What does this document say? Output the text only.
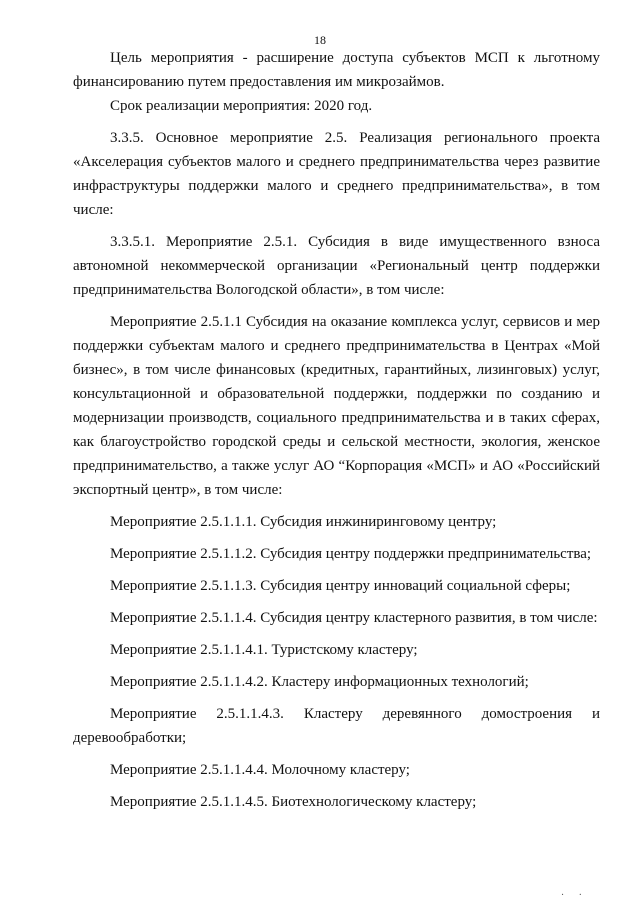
18

Цель мероприятия - расширение доступа субъектов МСП к льготному финансированию путем предоставления им микрозаймов.

Срок реализации мероприятия: 2020 год.

3.3.5. Основное мероприятие 2.5. Реализация регионального проекта «Акселерация субъектов малого и среднего предпринимательства через развитие инфраструктуры поддержки малого и среднего предпринимательства», в том числе:

3.3.5.1. Мероприятие 2.5.1. Субсидия в виде имущественного взноса автономной некоммерческой организации «Региональный центр поддержки предпринимательства Вологодской области», в том числе:

Мероприятие 2.5.1.1 Субсидия на оказание комплекса услуг, сервисов и мер поддержки субъектам малого и среднего предпринимательства в Центрах «Мой бизнес», в том числе финансовых (кредитных, гарантийных, лизинговых) услуг, консультационной и образовательной поддержки, поддержки по созданию и модернизации производств, социального предпринимательства и в таких сферах, как благоустройство городской среды и сельской местности, экология, женское предпринимательство, а также услуг АО “Корпорация «МСП» и АО «Российский экспортный центр», в том числе:

Мероприятие 2.5.1.1.1. Субсидия инжиниринговому центру;

Мероприятие 2.5.1.1.2. Субсидия центру поддержки предпринимательства;

Мероприятие 2.5.1.1.3. Субсидия центру инноваций социальной сферы;

Мероприятие 2.5.1.1.4. Субсидия центру кластерного развития, в том числе:

Мероприятие 2.5.1.1.4.1. Туристскому кластеру;

Мероприятие 2.5.1.1.4.2. Кластеру информационных технологий;

Мероприятие 2.5.1.1.4.3. Кластеру деревянного домостроения и деревообработки;

Мероприятие 2.5.1.1.4.4. Молочному кластеру;

Мероприятие 2.5.1.1.4.5. Биотехнологическому кластеру;

· ·
